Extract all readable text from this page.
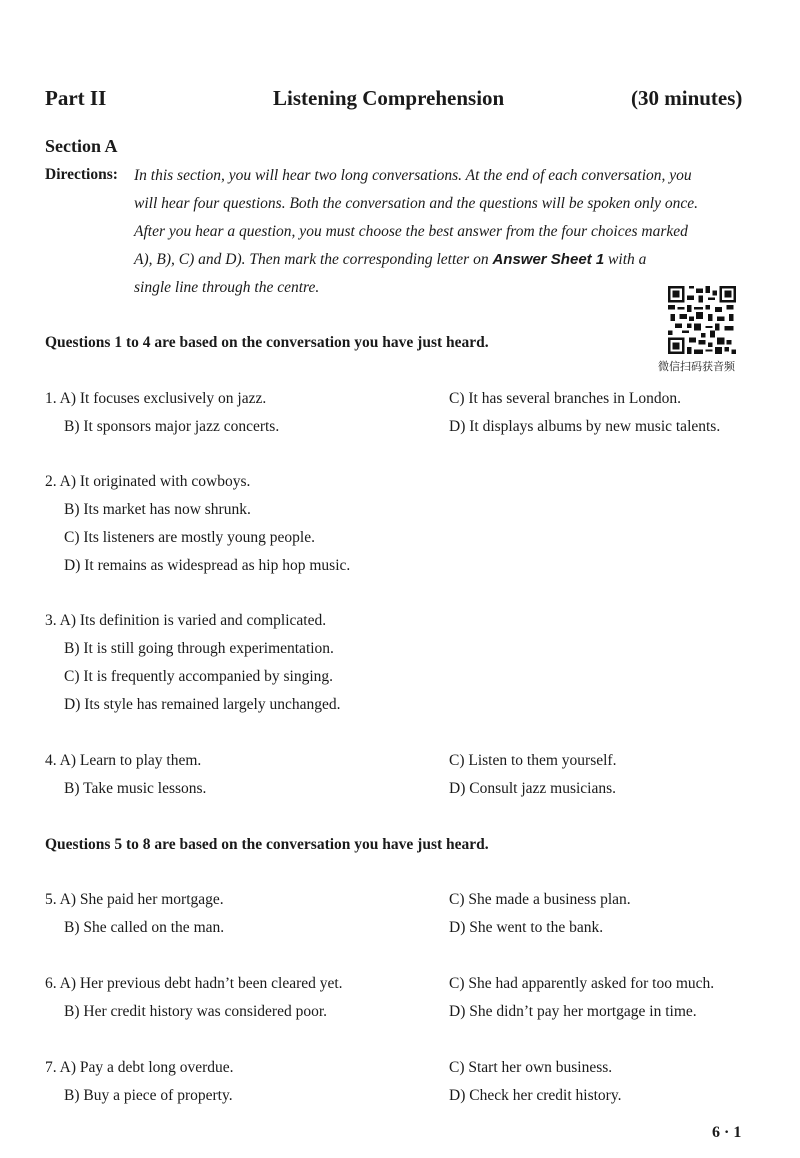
Part II	Listening Comprehension	(30 minutes)
Section A
Directions: In this section, you will hear two long conversations. At the end of each conversation, you
will hear four questions. Both the conversation and the questions will be spoken only once.
After you hear a question, you must choose the best answer from the four choices marked
A), B), C) and D). Then mark the corresponding letter on Answer Sheet 1 with a
single line through the centre.
微信扫码获音频
Questions 1 to 4 are based on the conversation you have just heard.
1. A) It focuses exclusively on jazz.
B) It sponsors major jazz concerts.
C) It has several branches in London.
D) It displays albums by new music talents.
2. A) It originated with cowboys.
B) Its market has now shrunk.
C) Its listeners are mostly young people.
D) It remains as widespread as hip hop music.
3. A) Its definition is varied and complicated.
B) It is still going through experimentation.
C) It is frequently accompanied by singing.
D) Its style has remained largely unchanged.
4. A) Learn to play them.
B) Take music lessons.
C) Listen to them yourself.
D) Consult jazz musicians.
Questions 5 to 8 are based on the conversation you have just heard.
5. A) She paid her mortgage.
B) She called on the man.
C) She made a business plan.
D) She went to the bank.
6. A) Her previous debt hadn’t been cleared yet.
B) Her credit history was considered poor.
C) She had apparently asked for too much.
D) She didn’t pay her mortgage in time.
7. A) Pay a debt long overdue.
B) Buy a piece of property.
C) Start her own business.
D) Check her credit history.
6 · 1
